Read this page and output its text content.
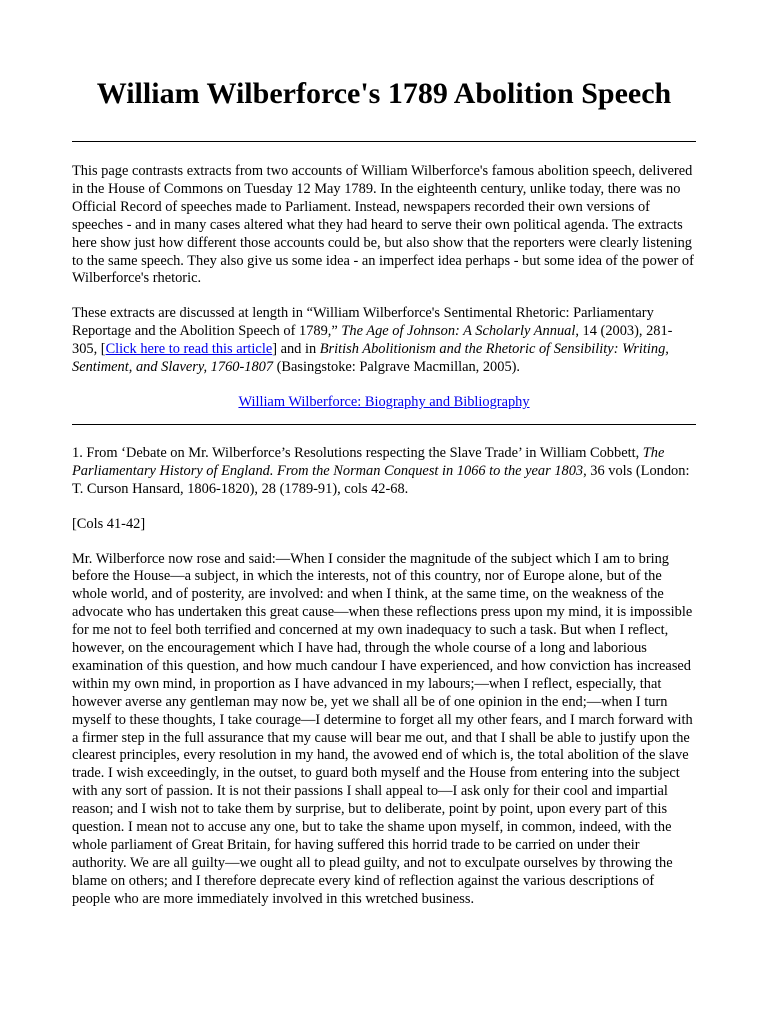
William Wilberforce's 1789 Abolition Speech

This page contrasts extracts from two accounts of William Wilberforce's famous abolition speech, delivered in the House of Commons on Tuesday 12 May 1789. In the eighteenth century, unlike today, there was no Official Record of speeches made to Parliament. Instead, newspapers recorded their own versions of speeches - and in many cases altered what they had heard to serve their own political agenda. The extracts here show just how different those accounts could be, but also show that the reporters were clearly listening to the same speech. They also give us some idea - an imperfect idea perhaps - but some idea of the power of Wilberforce's rhetoric.

These extracts are discussed at length in “William Wilberforce's Sentimental Rhetoric: Parliamentary Reportage and the Abolition Speech of 1789,” The Age of Johnson: A Scholarly Annual, 14 (2003), 281-305, [Click here to read this article] and in British Abolitionism and the Rhetoric of Sensibility: Writing, Sentiment, and Slavery, 1760-1807 (Basingstoke: Palgrave Macmillan, 2005).

William Wilberforce: Biography and Bibliography

1. From ‘Debate on Mr. Wilberforce’s Resolutions respecting the Slave Trade’ in William Cobbett, The Parliamentary History of England. From the Norman Conquest in 1066 to the year 1803, 36 vols (London: T. Curson Hansard, 1806-1820), 28 (1789-91), cols 42-68.

[Cols 41-42]

Mr. Wilberforce now rose and said:—When I consider the magnitude of the subject which I am to bring before the House—a subject, in which the interests, not of this country, nor of Europe alone, but of the whole world, and of posterity, are involved: and when I think, at the same time, on the weakness of the advocate who has undertaken this great cause—when these reflections press upon my mind, it is impossible for me not to feel both terrified and concerned at my own inadequacy to such a task. But when I reflect, however, on the encouragement which I have had, through the whole course of a long and laborious examination of this question, and how much candour I have experienced, and how conviction has increased within my own mind, in proportion as I have advanced in my labours;—when I reflect, especially, that however averse any gentleman may now be, yet we shall all be of one opinion in the end;—when I turn myself to these thoughts, I take courage—I determine to forget all my other fears, and I march forward with a firmer step in the full assurance that my cause will bear me out, and that I shall be able to justify upon the clearest principles, every resolution in my hand, the avowed end of which is, the total abolition of the slave trade. I wish exceedingly, in the outset, to guard both myself and the House from entering into the subject with any sort of passion. It is not their passions I shall appeal to—I ask only for their cool and impartial reason; and I wish not to take them by surprise, but to deliberate, point by point, upon every part of this question. I mean not to accuse any one, but to take the shame upon myself, in common, indeed, with the whole parliament of Great Britain, for having suffered this horrid trade to be carried on under their authority. We are all guilty—we ought all to plead guilty, and not to exculpate ourselves by throwing the blame on others; and I therefore deprecate every kind of reflection against the various descriptions of people who are more immediately involved in this wretched business.
